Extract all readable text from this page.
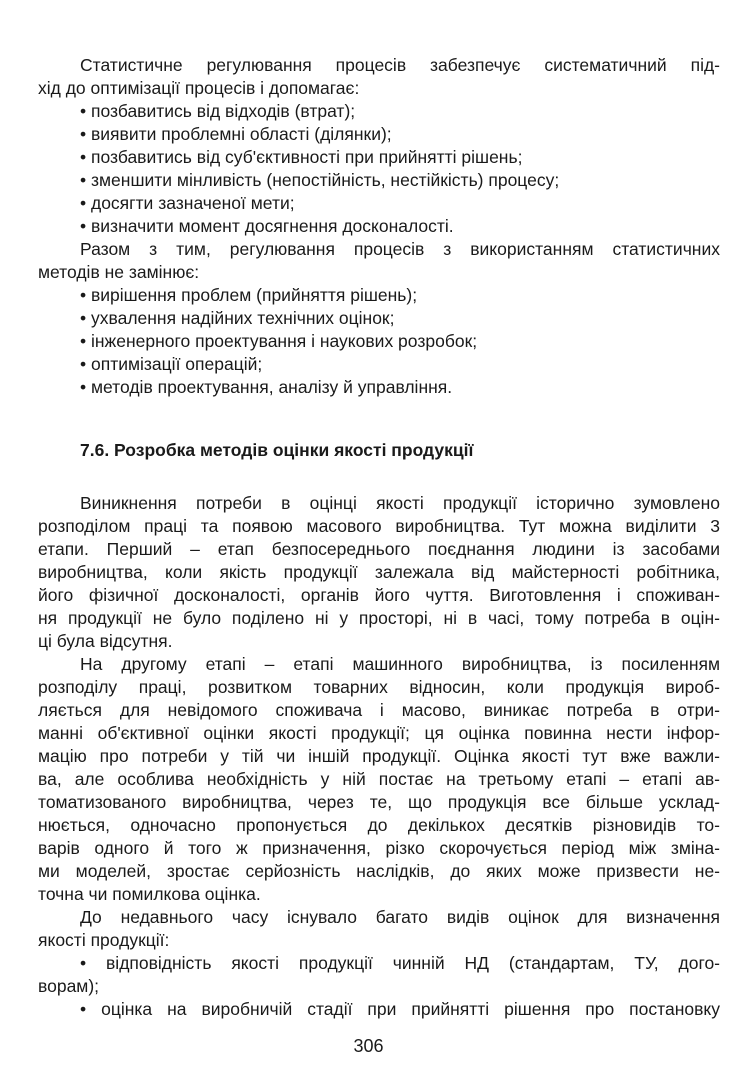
Статистичне регулювання процесів забезпечує систематичний під-
хід до оптимізації процесів і допомагає:
• позбавитись від відходів (втрат);
• виявити проблемні області (ділянки);
• позбавитись від суб'єктивності при прийнятті рішень;
• зменшити мінливість (непостійність, нестійкість) процесу;
• досягти зазначеної мети;
• визначити момент досягнення досконалості.
Разом з тим, регулювання процесів з використанням статистичних
методів не замінює:
• вирішення проблем (прийняття рішень);
• ухвалення надійних технічних оцінок;
• інженерного проектування і наукових розробок;
• оптимізації операцій;
• методів проектування, аналізу й управління.
7.6. Розробка методів оцінки якості продукції
Виникнення потреби в оцінці якості продукції історично зумовлено
розподілом праці та появою масового виробництва. Тут можна виділити 3
етапи. Перший – етап безпосереднього поєднання людини із засобами
виробництва, коли якість продукції залежала від майстерності робітника,
його фізичної досконалості, органів його чуття. Виготовлення і споживан-
ня продукції не було поділено ні у просторі, ні в часі, тому потреба в оцін-
ці була відсутня.
На другому етапі – етапі машинного виробництва, із посиленням
розподілу праці, розвитком товарних відносин, коли продукція вироб-
ляється для невідомого споживача і масово, виникає потреба в отри-
манні об'єктивної оцінки якості продукції; ця оцінка повинна нести інфор-
мацію про потреби у тій чи іншій продукції. Оцінка якості тут вже важли-
ва, але особлива необхідність у ній постає на третьому етапі – етапі ав-
томатизованого виробництва, через те, що продукція все більше усклад-
нюється, одночасно пропонується до декількох десятків різновидів то-
варів одного й того ж призначення, різко скорочується період між зміна-
ми моделей, зростає серйозність наслідків, до яких може призвести не-
точна чи помилкова оцінка.
До недавнього часу існувало багато видів оцінок для визначення
якості продукції:
• відповідність якості продукції чинній НД (стандартам, ТУ, дого-
ворам);
• оцінка на виробничій стадії при прийнятті рішення про постановку
306
